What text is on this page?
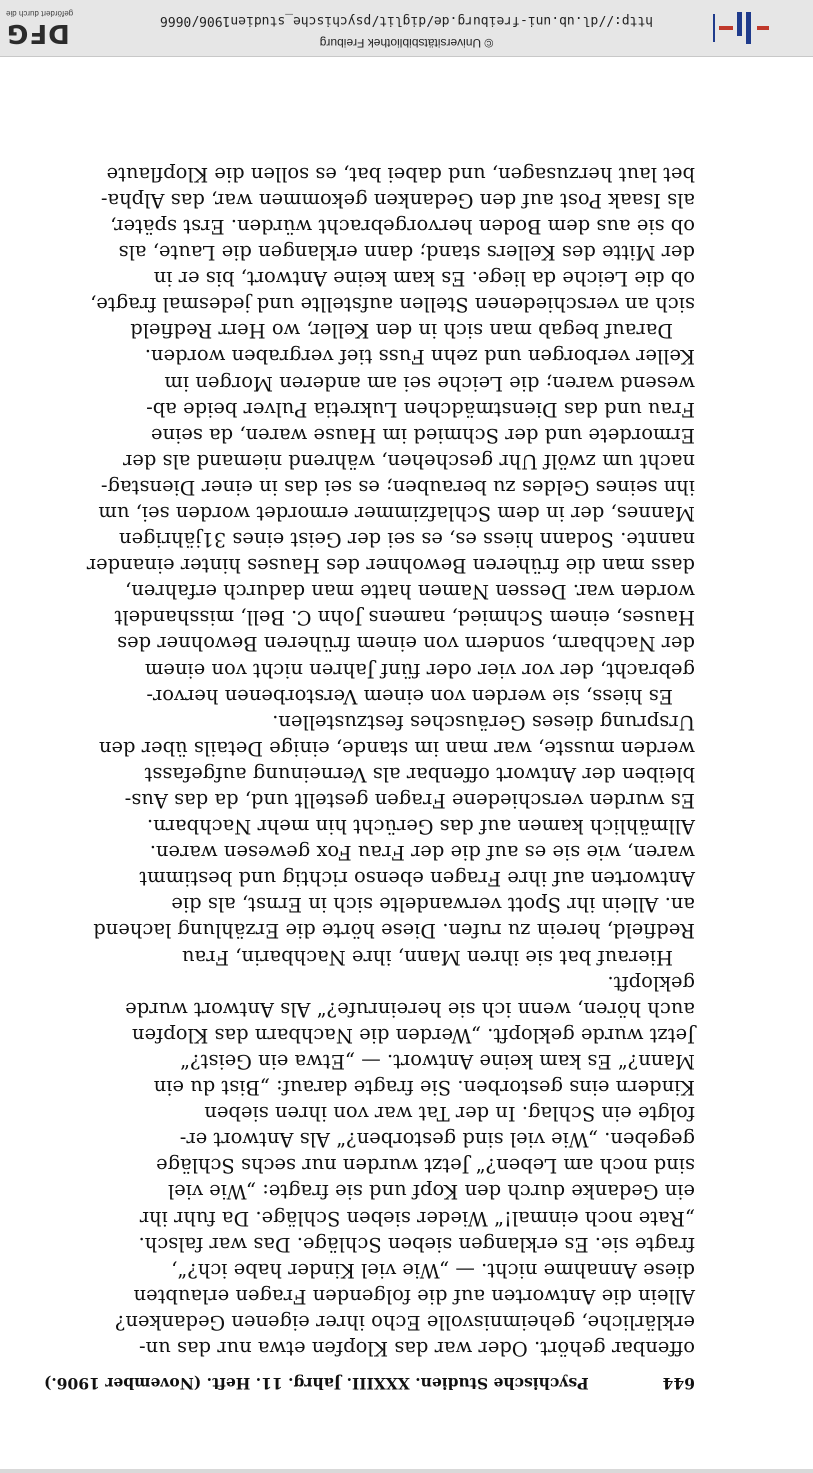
644
Psychische Studien. XXXIII. Jahrg. 11. Heft. (November 1906.)
offenbar gehört. Oder war das Klopfen etwa nur das un-
erklärliche, geheimnisvolle Echo ihrer eigenen Gedanken?
Allein die Antworten auf die folgenden Fragen erlaubten
diese Annahme nicht. — „Wie viel Kinder habe ich?“,
fragte sie. Es erklangen sieben Schläge. Das war falsch.
„Rate noch einmal!“ Wieder sieben Schläge. Da fuhr ihr
ein Gedanke durch den Kopf und sie fragte: „Wie viel
sind noch am Leben?“ Jetzt wurden nur sechs Schläge
gegeben. „Wie viel sind gestorben?“ Als Antwort er-
folgte ein Schlag. In der Tat war von ihren sieben
Kindern eins gestorben. Sie fragte darauf: „Bist du ein
Mann?“ Es kam keine Antwort. — „Etwa ein Geist?“
Jetzt wurde geklopft. „Werden die Nachbarn das Klopfen
auch hören, wenn ich sie hereinrufe?“ Als Antwort wurde
geklopft.
Hierauf bat sie ihren Mann, ihre Nachbarin, Frau
Redfield, herein zu rufen. Diese hörte die Erzählung lachend
an. Allein ihr Spott verwandelte sich in Ernst, als die
Antworten auf ihre Fragen ebenso richtig und bestimmt
waren, wie sie es auf die der Frau Fox gewesen waren.
Allmählich kamen auf das Gerücht hin mehr Nachbarn.
Es wurden verschiedene Fragen gestellt und, da das Aus-
bleiben der Antwort offenbar als Verneinung aufgefasst
werden musste, war man im stande, einige Details über den
Ursprung dieses Geräusches festzustellen.
Es hiess, sie werden von einem Verstorbenen hervor-
gebracht, der vor vier oder fünf Jahren nicht von einem
der Nachbarn, sondern von einem früheren Bewohner des
Hauses, einem Schmied, namens John C. Bell, misshandelt
worden war. Dessen Namen hatte man dadurch erfahren,
dass man die früheren Bewohner des Hauses hinter einander
nannte. Sodann hiess es, es sei der Geist eines 31jährigen
Mannes, der in dem Schlafzimmer ermordet worden sei, um
ihn seines Geldes zu berauben; es sei das in einer Dienstag-
nacht um zwölf Uhr geschehen, während niemand als der
Ermordete und der Schmied im Hause waren, da seine
Frau und das Dienstmädchen Lukretia Pulver beide ab-
wesend waren; die Leiche sei am anderen Morgen im
Keller verborgen und zehn Fuss tief vergraben worden.
Darauf begab man sich in den Keller, wo Herr Redfield
sich an verschiedenen Stellen aufstellte und jedesmal fragte,
ob die Leiche da liege. Es kam keine Antwort, bis er in
der Mitte des Kellers stand; dann erklangen die Laute, als
ob sie aus dem Boden hervorgebracht würden. Erst später,
als Isaak Post auf den Gedanken gekommen war, das Alpha-
bet laut herzusagen, und dabei bat, es sollen die Klopflaute
© Universitätsbibliothek Freiburg
http://dl.ub.uni-freiburg.de/diglit/psychische_studien1906/0666
DFG
gefördert durch die
